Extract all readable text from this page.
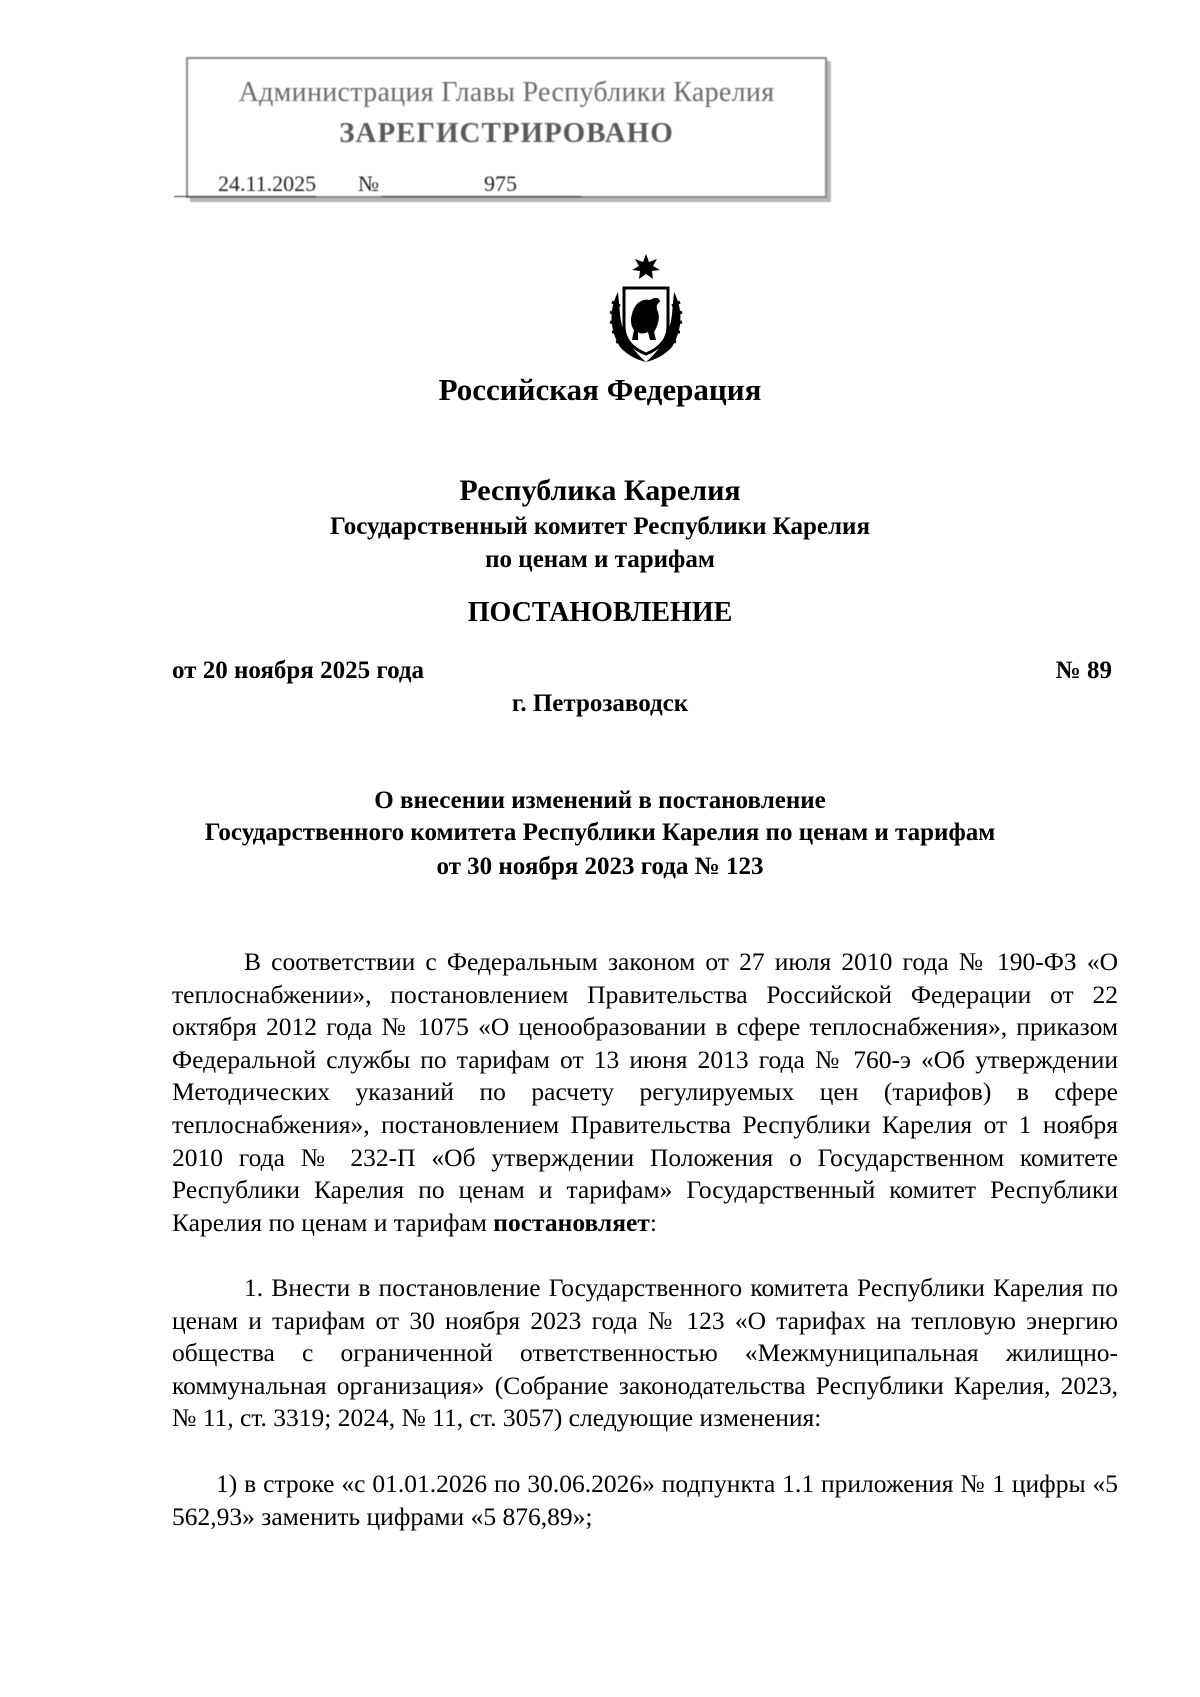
Администрация Главы Республики Карелия
ЗАРЕГИСТРИРОВАНО
24.11.2025 №	975
Российская Федерация
Республика Карелия
Государственный комитет Республики Карелия
по ценам и тарифам
ПОСТАНОВЛЕНИЕ
от 20 ноября 2025 года	№ 89
г. Петрозаводск
О внесении изменений в постановление
Государственного комитета Республики Карелия по ценам и тарифам
от 30 ноября 2023 года № 123

В соответствии с Федеральным законом от 27 июля 2010 года № 190-ФЗ «О теплоснабжении», постановлением Правительства Российской Федерации от 22 октября 2012 года № 1075 «О ценообразовании в сфере теплоснабжения», приказом Федеральной службы по тарифам от 13 июня 2013 года № 760-э «Об утверждении Методических указаний по расчету регулируемых цен (тарифов) в сфере теплоснабжения», постановлением Правительства Республики Карелия от 1 ноября 2010 года № 232-П «Об утверждении Положения о Государственном комитете Республики Карелия по ценам и тарифам» Государственный комитет Республики Карелия по ценам и тарифам постановляет:

1. Внести в постановление Государственного комитета Республики Карелия по ценам и тарифам от 30 ноября 2023 года № 123 «О тарифах на тепловую энергию общества с ограниченной ответственностью «Межмуниципальная жилищно-коммунальная организация» (Собрание законодательства Республики Карелия, 2023, № 11, ст. 3319; 2024, № 11, ст. 3057) следующие изменения:

1) в строке «с 01.01.2026 по 30.06.2026» подпункта 1.1 приложения № 1 цифры «5 562,93» заменить цифрами «5 876,89»;
